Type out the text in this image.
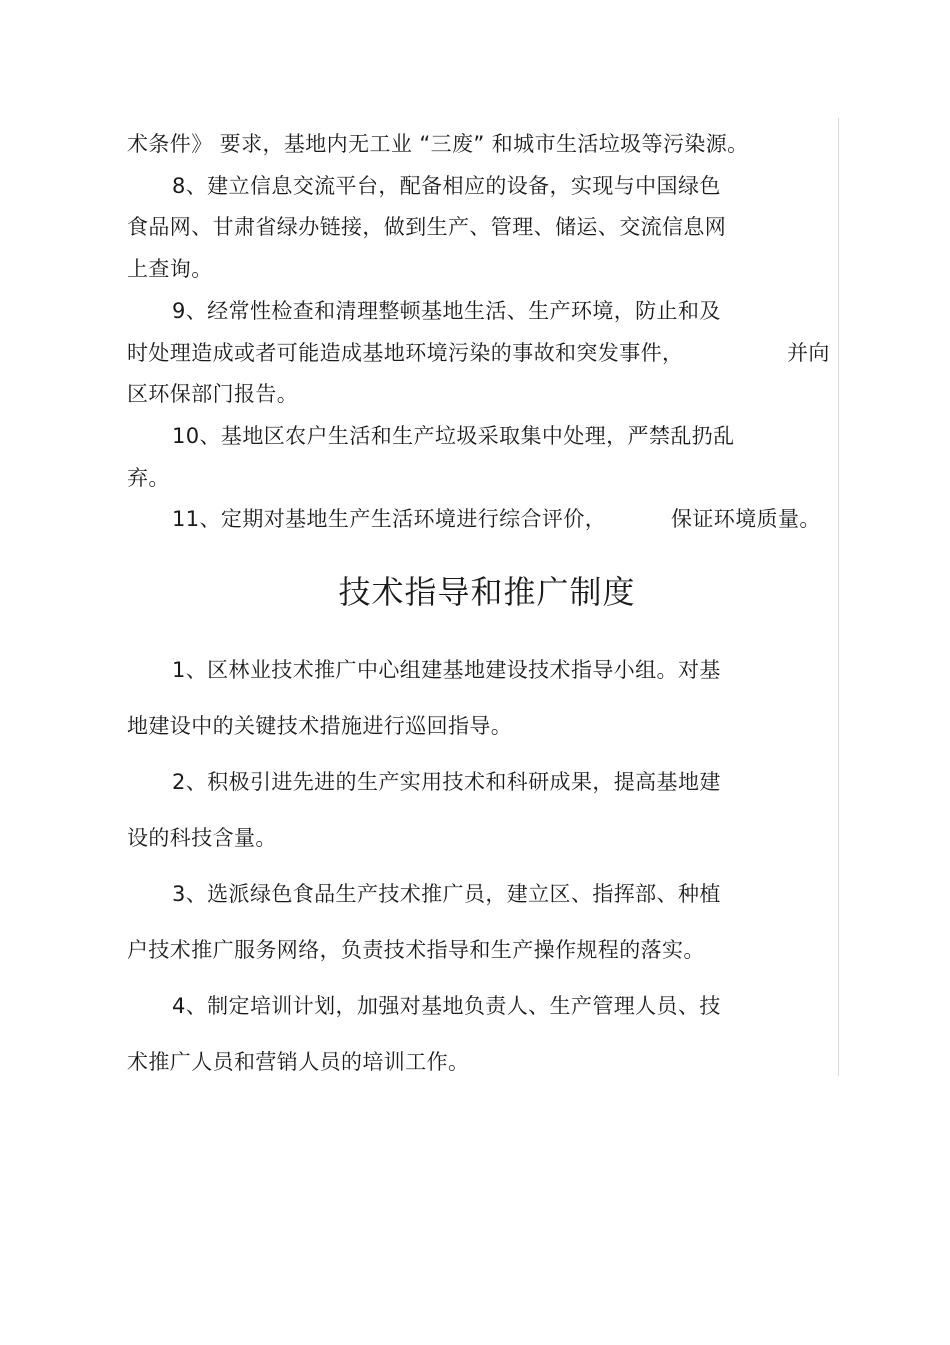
术条件》 要求，基地内无工业 “三废” 和城市生活垃圾等污染源。
8、建立信息交流平台，配备相应的设备，实现与中国绿色
食品网、甘肃省绿办链接，做到生产、管理、储运、交流信息网
上查询。
9、经常性检查和清理整顿基地生活、生产环境，防止和及
时处理造成或者可能造成基地环境污染的事故和突发事件，	并向
区环保部门报告。
10、基地区农户生活和生产垃圾采取集中处理，严禁乱扔乱
弃。
11、定期对基地生产生活环境进行综合评价，	保证环境质量。
技术指导和推广制度
1、区林业技术推广中心组建基地建设技术指导小组。对基
地建设中的关键技术措施进行巡回指导。
2、积极引进先进的生产实用技术和科研成果，提高基地建
设的科技含量。
3、选派绿色食品生产技术推广员，建立区、指挥部、种植
户技术推广服务网络，负责技术指导和生产操作规程的落实。
4、制定培训计划，加强对基地负责人、生产管理人员、技
术推广人员和营销人员的培训工作。
